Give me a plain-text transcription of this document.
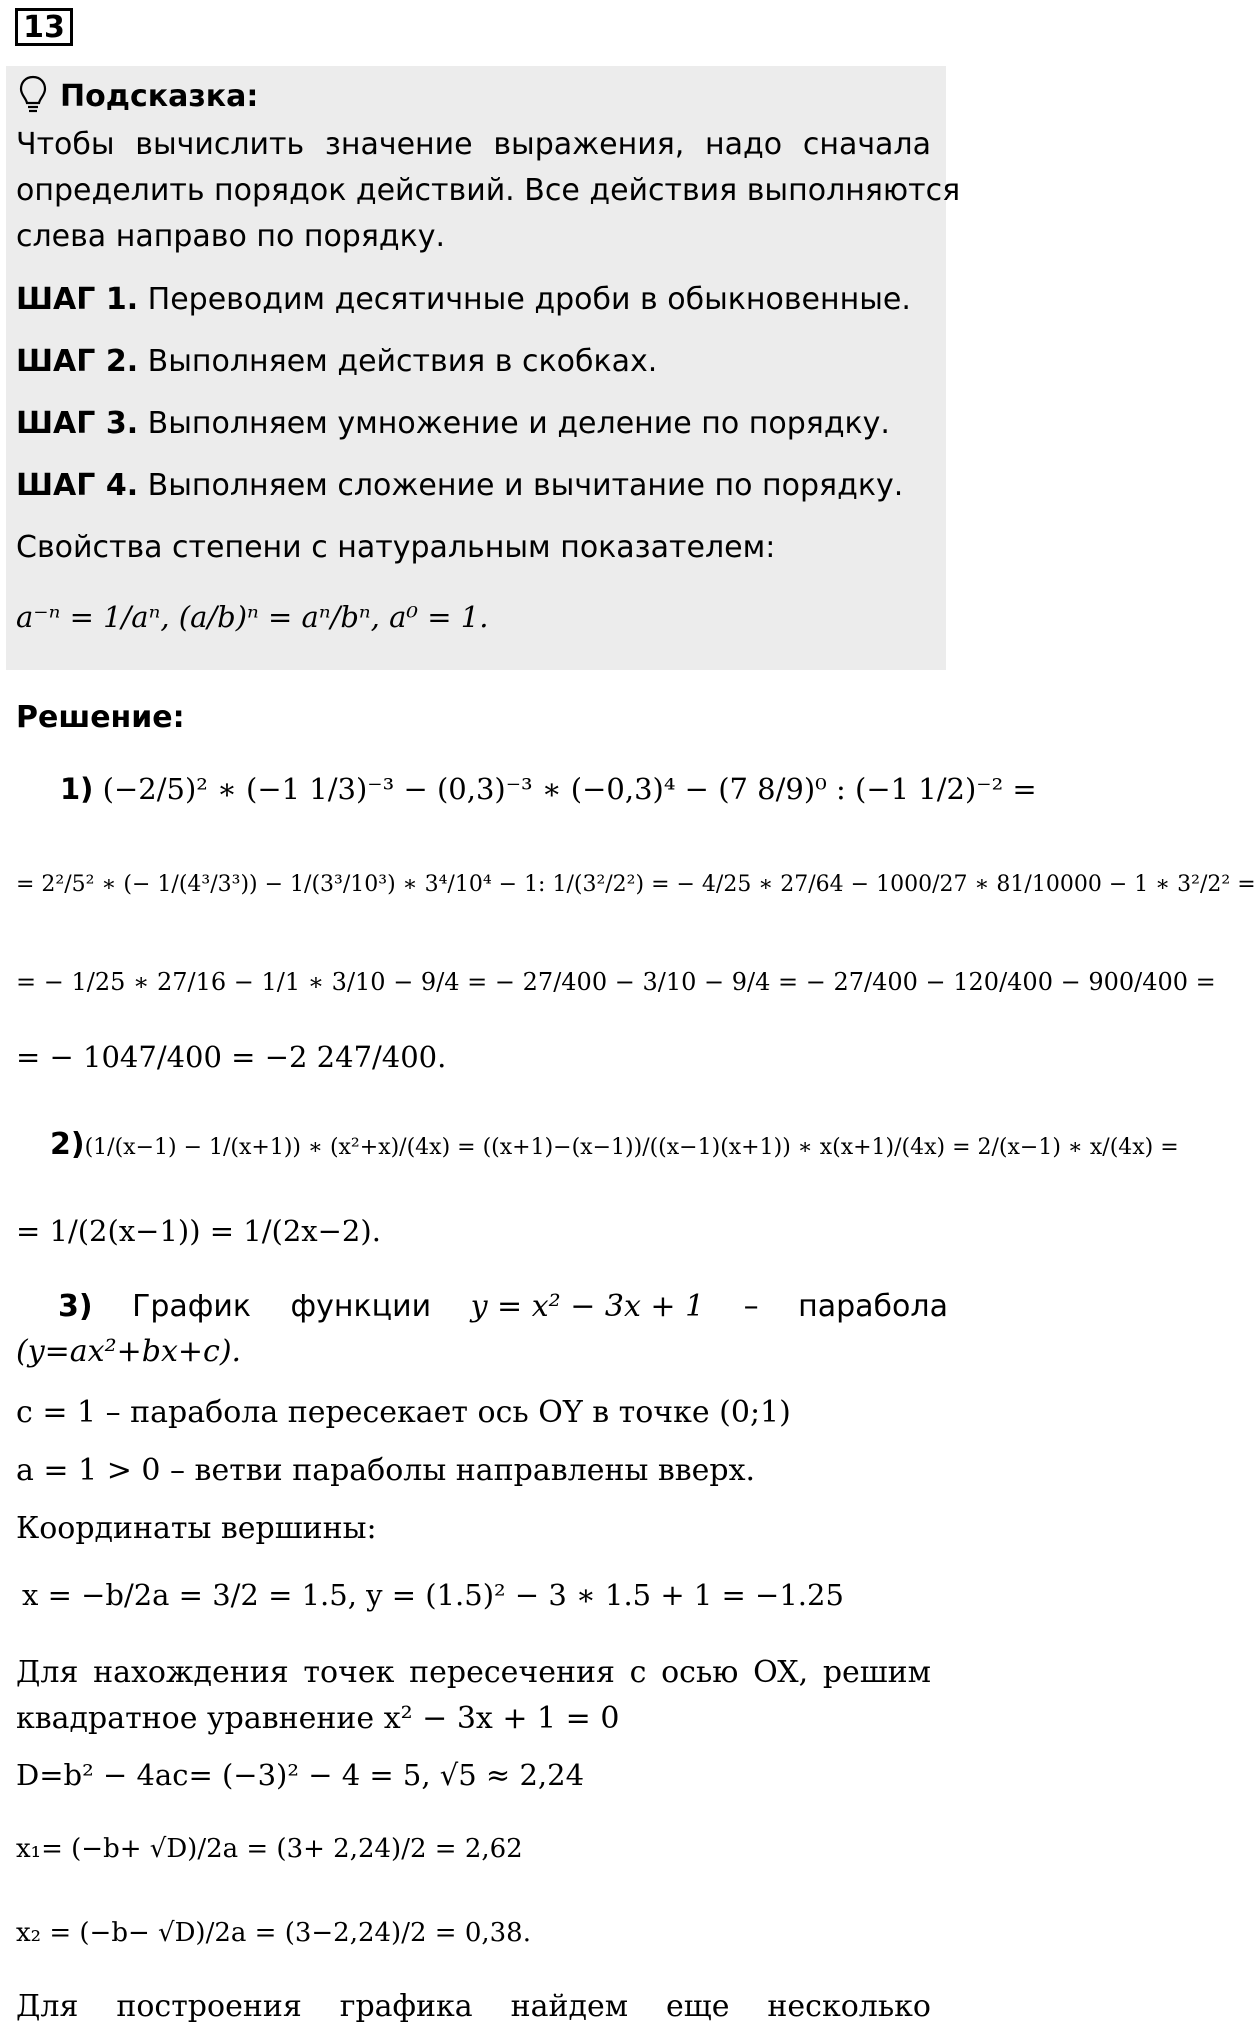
13
Подсказка:
Чтобы вычислить значение выражения, надо сначала
определить порядок действий. Все действия выполняются
слева направо по порядку.
ШАГ 1. Переводим десятичные дроби в обыкновенные.
ШАГ 2. Выполняем действия в скобках.
ШАГ 3. Выполняем умножение и деление по порядку.
ШАГ 4. Выполняем сложение и вычитание по порядку.
Свойства степени с натуральным показателем:
a⁻ⁿ = 1/aⁿ, (a/b)ⁿ = aⁿ/bⁿ, a⁰ = 1.
Решение:
1) (−2/5)² ∗ (−1 1/3)⁻³ − (0,3)⁻³ ∗ (−0,3)⁴ − (7 8/9)⁰ : (−1 1/2)⁻² =
= 2²/5² ∗ (− 1/(4³/3³)) − 1/(3³/10³) ∗ 3⁴/10⁴ − 1: 1/(3²/2²) = − 4/25 ∗ 27/64 − 1000/27 ∗ 81/10000 − 1 ∗ 3²/2² =
= − 1/25 ∗ 27/16 − 1/1 ∗ 3/10 − 9/4 = − 27/400 − 3/10 − 9/4 = − 27/400 − 120/400 − 900/400 =
= − 1047/400 = −2 247/400.
2)(1/(x−1) − 1/(x+1)) ∗ (x²+x)/(4x) = ((x+1)−(x−1))/((x−1)(x+1)) ∗ x(x+1)/(4x) = 2/(x−1) ∗ x/(4x) =
= 1/(2(x−1)) = 1/(2x−2).
3) График функции y = x² − 3x + 1 – парабола
(y=ax²+bx+c).
c = 1 – парабола пересекает ось OY в точке (0;1)
a = 1 > 0 – ветви параболы направлены вверх.
Координаты вершины:
x = −b/2a = 3/2 = 1.5, y = (1.5)² − 3 ∗ 1.5 + 1 = −1.25
Для нахождения точек пересечения с осью OX, решим
квадратное уравнение x² − 3x + 1 = 0
D=b² − 4ac= (−3)² − 4 = 5, √5 ≈ 2,24
x₁= (−b+ √D)/2a = (3+ 2,24)/2 = 2,62
x₂ = (−b− √D)/2a = (3−2,24)/2 = 0,38.
Для построения графика найдем еще несколько
